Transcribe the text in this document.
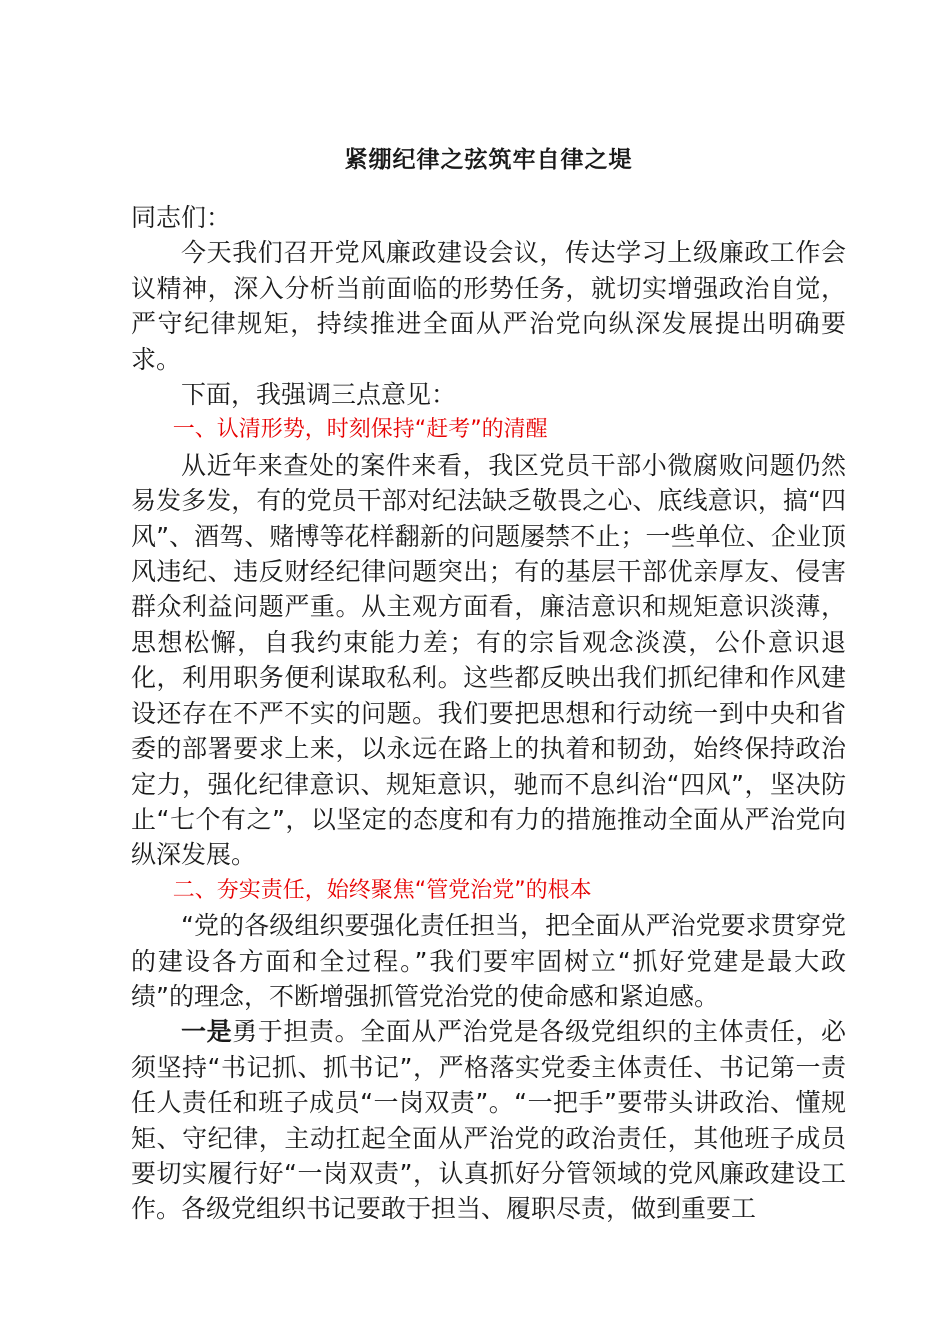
紧绷纪律之弦筑牢自律之堤

同志们：

今天我们召开党风廉政建设会议，传达学习上级廉政工作会议精神，深入分析当前面临的形势任务，就切实增强政治自觉，严守纪律规矩，持续推进全面从严治党向纵深发展提出明确要求。

下面，我强调三点意见：

一、认清形势，时刻保持“赶考”的清醒

从近年来查处的案件来看，我区党员干部小微腐败问题仍然易发多发，有的党员干部对纪法缺乏敬畏之心、底线意识，搞“四风”、酒驾、赌博等花样翻新的问题屡禁不止；一些单位、企业顶风违纪、违反财经纪律问题突出；有的基层干部优亲厚友、侵害群众利益问题严重。从主观方面看，廉洁意识和规矩意识淡薄，思想松懈，自我约束能力差；有的宗旨观念淡漠，公仆意识退化，利用职务便利谋取私利。这些都反映出我们抓纪律和作风建设还存在不严不实的问题。我们要把思想和行动统一到中央和省委的部署要求上来，以永远在路上的执着和韧劲，始终保持政治定力，强化纪律意识、规矩意识，驰而不息纠治“四风”，坚决防止“七个有之”，以坚定的态度和有力的措施推动全面从严治党向纵深发展。

二、夯实责任，始终聚焦“管党治党”的根本

“党的各级组织要强化责任担当，把全面从严治党要求贯穿党的建设各方面和全过程。”我们要牢固树立“抓好党建是最大政绩”的理念，不断增强抓管党治党的使命感和紧迫感。

一是勇于担责。全面从严治党是各级党组织的主体责任，必须坚持“书记抓、抓书记”，严格落实党委主体责任、书记第一责任人责任和班子成员“一岗双责”。“一把手”要带头讲政治、懂规矩、守纪律，主动扛起全面从严治党的政治责任，其他班子成员要切实履行好“一岗双责”，认真抓好分管领域的党风廉政建设工作。各级党组织书记要敢于担当、履职尽责，做到重要工
